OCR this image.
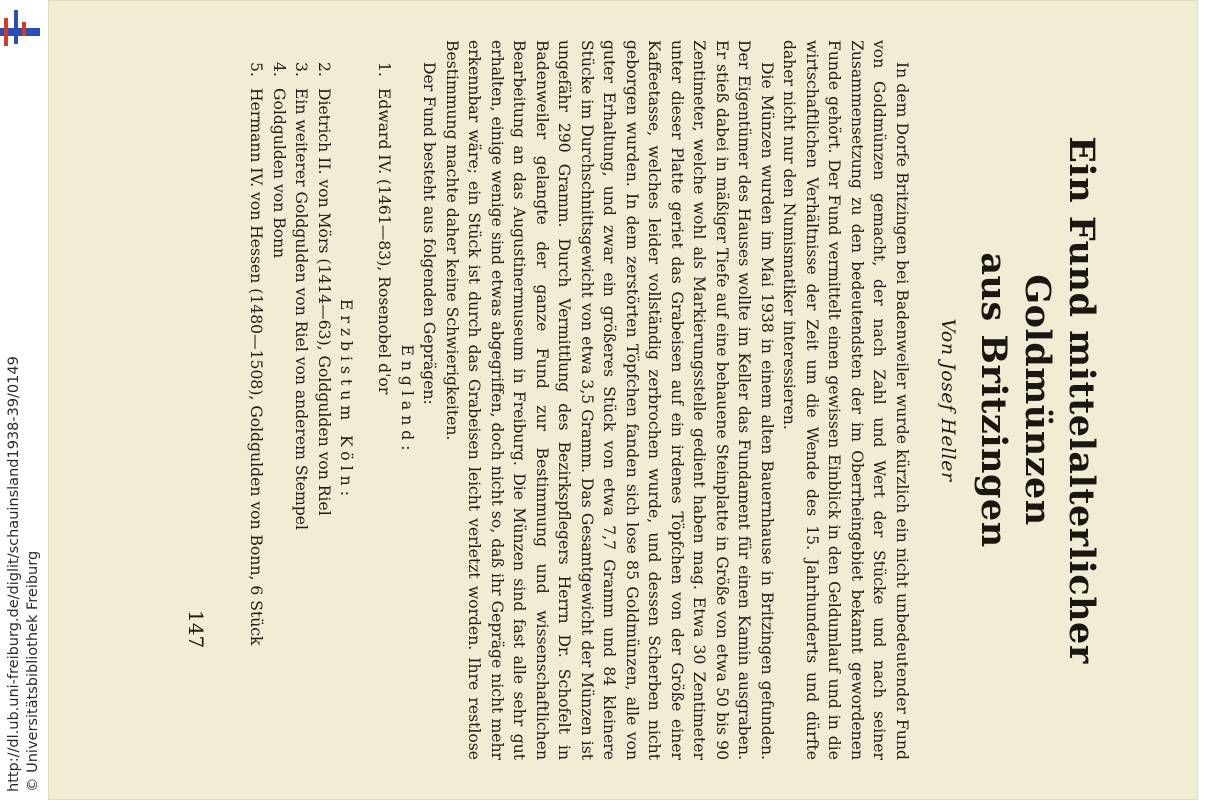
http://dl.ub.uni-freiburg.de/diglit/schauinsland1938-39/0149 © Universitätsbibliothek Freiburg
Ein Fund mittelalterlicher Goldmünzen
aus Britzingen
Von Josef Heller

In dem Dorfe Britzingen bei Badenweiler wurde kürzlich ein nicht unbedeutender Fund von Goldmünzen gemacht, der nach Zahl und Wert der Stücke und nach seiner Zusammensetzung zu den bedeutendsten der im Oberrheingebiet bekannt gewordenen Funde gehört. Der Fund vermittelt einen gewissen Einblick in den Geldumlauf und in die wirtschaftlichen Verhältnisse der Zeit um die Wende des 15. Jahrhunderts und dürfte daher nicht nur den Numismatiker interessieren.

Die Münzen wurden im Mai 1938 in einem alten Bauernhause in Britzingen gefunden. Der Eigentümer des Hauses wollte im Keller das Fundament für einen Kamin ausgraben. Er stieß dabei in mäßiger Tiefe auf eine behauene Steinplatte in Größe von etwa 50 bis 90 Zentimeter, welche wohl als Markierungsstelle gedient haben mag. Etwa 30 Zentimeter unter dieser Platte geriet das Grabeisen auf ein irdenes Töpfchen von der Größe einer Kaffeetasse, welches leider vollständig zerbrochen wurde, und dessen Scherben nicht geborgen wurden. In dem zerstörten Töpfchen fanden sich lose 85 Goldmünzen, alle von guter Erhaltung, und zwar ein größeres Stück von etwa 7,7 Gramm und 84 kleinere Stücke im Durchschnittsgewicht von etwa 3,5 Gramm. Das Gesamtgewicht der Münzen ist ungefähr 290 Gramm. Durch Vermittlung des Bezirkspflegers Herrn Dr. Schofelt in Badenweiler gelangte der ganze Fund zur Bestimmung und wissenschaftlichen Bearbeitung an das Augustinermuseum in Freiburg. Die Münzen sind fast alle sehr gut erhalten, einige wenige sind etwas abgegriffen, doch nicht so, daß ihr Gepräge nicht mehr erkennbar wäre; ein Stück ist durch das Grabeisen leicht verletzt worden. Ihre restlose Bestimmung machte daher keine Schwierigkeiten.

Der Fund besteht aus folgenden Geprägen:
England:
1.Edward IV. (1461—83), Rosenobel d'or
Erzbistum Köln:
2.Dietrich II. von Mörs (1414—63), Goldgulden von Riel
3.Ein weiterer Goldgulden von Riel von anderem Stempel
4.Goldgulden von Bonn
5.Hermann IV. von Hessen (1480—1508), Goldgulden von Bonn, 6 Stück
147
